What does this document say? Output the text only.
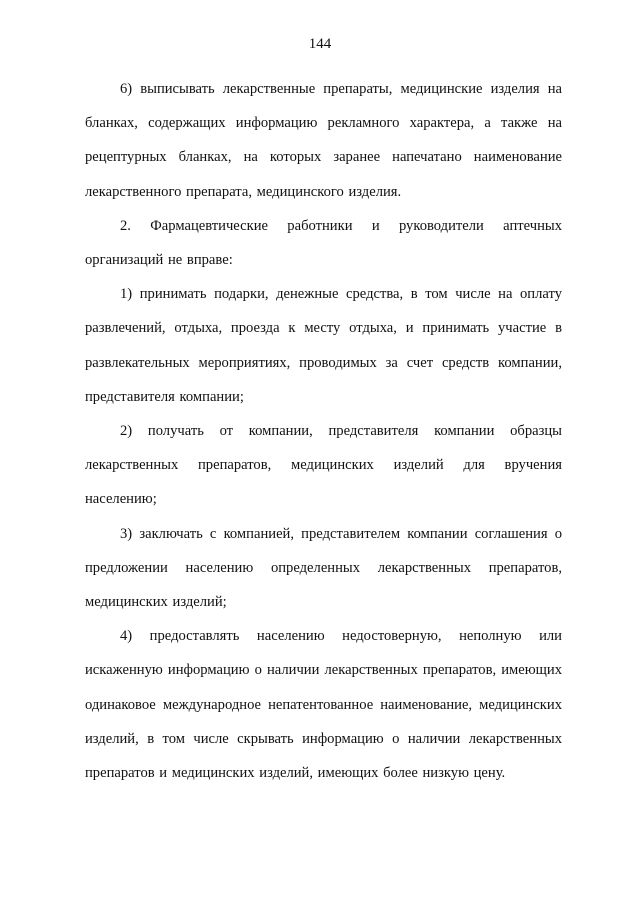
144

6) выписывать лекарственные препараты, медицинские изделия на бланках, содержащих информацию рекламного характера, а также на рецептурных бланках, на которых заранее напечатано наименование лекарственного препарата, медицинского изделия.

2. Фармацевтические работники и руководители аптечных организаций не вправе:

1) принимать подарки, денежные средства, в том числе на оплату развлечений, отдыха, проезда к месту отдыха, и принимать участие в развлекательных мероприятиях, проводимых за счет средств компании, представителя компании;

2) получать от компании, представителя компании образцы лекарственных препаратов, медицинских изделий для вручения населению;

3) заключать с компанией, представителем компании соглашения о предложении населению определенных лекарственных препаратов, медицинских изделий;

4) предоставлять населению недостоверную, неполную или искаженную информацию о наличии лекарственных препаратов, имеющих одинаковое международное непатентованное наименование, медицинских изделий, в том числе скрывать информацию о наличии лекарственных препаратов и медицинских изделий, имеющих более низкую цену.
